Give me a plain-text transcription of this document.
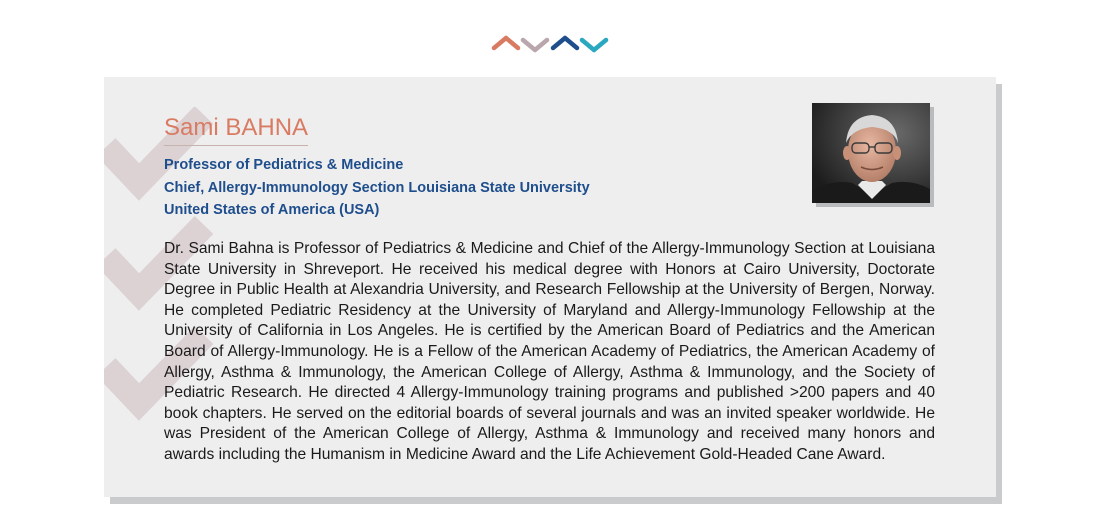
Sami BAHNA
Professor of Pediatrics & Medicine
Chief, Allergy-Immunology Section Louisiana State University
United States of America (USA)

Dr. Sami Bahna is Professor of Pediatrics & Medicine and Chief of the Allergy-Immunology Section at Louisiana State University in Shreveport. He received his medical degree with Honors at Cairo University, Doctorate Degree in Public Health at Alexandria University, and Research Fellowship at the University of Bergen, Norway. He completed Pediatric Residency at the University of Maryland and Allergy-Immunology Fellowship at the University of California in Los Angeles. He is certified by the American Board of Pediatrics and the American Board of Allergy-Immunology. He is a Fellow of the American Academy of Pediatrics, the American Academy of Allergy, Asthma & Immunology, the American College of Allergy, Asthma & Immunology, and the Society of Pediatric Research. He directed 4 Allergy-Immunology training programs and published >200 papers and 40 book chapters. He served on the editorial boards of several journals and was an invited speaker worldwide. He was President of the American College of Allergy, Asthma & Immunology and received many honors and awards including the Humanism in Medicine Award and the Life Achievement Gold-Headed Cane Award.
